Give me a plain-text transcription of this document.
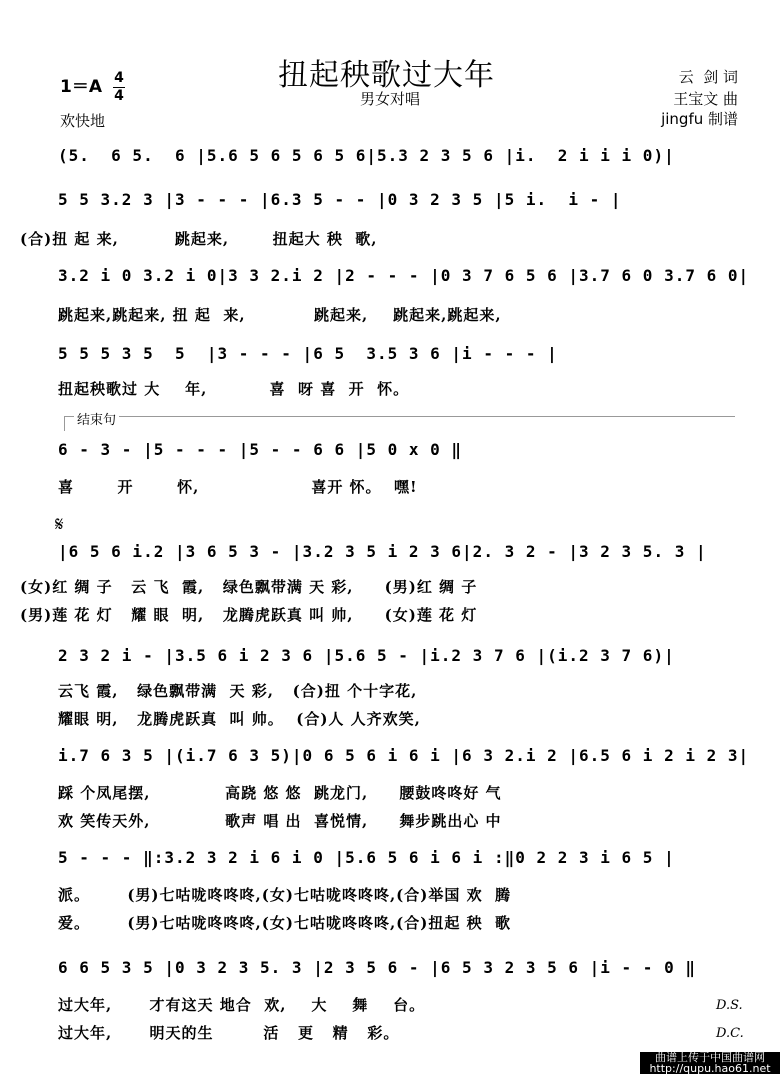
扭起秧歌过大年
男女对唱
云  剑 词
王宝文 曲
jingfu 制谱
1＝A 4
4
欢快地
(5.  6 5.  6 |5.6 5 6 5 6 5 6|5.3 2 3 5 6 |i.  2 i i i 0)|
5 5 3.2 3 |3 - - - |6.3 5 - - |0 3 2 3 5 |5 i.  i - |
(合)扭 起 来,         跳起来,       扭起大 秧  歌,
3.2 i 0 3.2 i 0|3 3 2.i 2 |2 - - - |0 3 7 6 5 6 |3.7 6 0 3.7 6 0|
跳起来,跳起来, 扭 起  来,           跳起来,    跳起来,跳起来,
5 5 5 3 5  5  |3 - - - |6 5  3.5 3 6 |i - - - |
扭起秧歌过 大    年,          喜  呀 喜  开  怀。
结束句
6 - 3 - |5 - - - |5 - - 6 6 |5 0 x 0 ‖
喜       开       怀,                  喜开 怀。  嘿!
𝄋
|6 5 6 i.2 |3 6 5 3 - |3.2 3 5 i 2 3 6|2. 3 2 - |3 2 3 5. 3 |
(女)红 绸 子   云 飞  霞,   绿色飘带满 天 彩,     (男)红 绸 子
(男)莲 花 灯   耀 眼  明,   龙腾虎跃真 叫 帅,     (女)莲 花 灯
2 3 2 i - |3.5 6 i 2 3 6 |5.6 5 - |i.2 3 7 6 |(i.2 3 7 6)|
云飞 霞,   绿色飘带满  天 彩,   (合)扭 个十字花,
耀眼 明,   龙腾虎跃真  叫 帅。  (合)人 人齐欢笑,
i.7 6 3 5 |(i.7 6 3 5)|0 6 5 6 i 6 i |6 3 2.i 2 |6.5 6 i 2 i 2 3|
踩 个凤尾摆,            高跷 悠 悠  跳龙门,     腰鼓咚咚好 气
欢 笑传天外,            歌声 唱 出  喜悦情,     舞步跳出心 中
5 - - - ‖:3.2 3 2 i 6 i 0 |5.6 5 6 i 6 i :‖0 2 2 3 i 6 5 |
派。      (男)七咕咙咚咚咚,(女)七咕咙咚咚咚,(合)举国 欢  腾
爱。      (男)七咕咙咚咚咚,(女)七咕咙咚咚咚,(合)扭起 秧  歌
6 6 5 3 5 |0 3 2 3 5. 3 |2 3 5 6 - |6 5 3 2 3 5 6 |i - - 0 ‖
过大年,      才有这天 地合  欢,    大    舞    台。
过大年,      明天的生        活   更   精   彩。
D.S.
D.C.
曲谱上传于中国曲谱网
http://qupu.hao61.net
